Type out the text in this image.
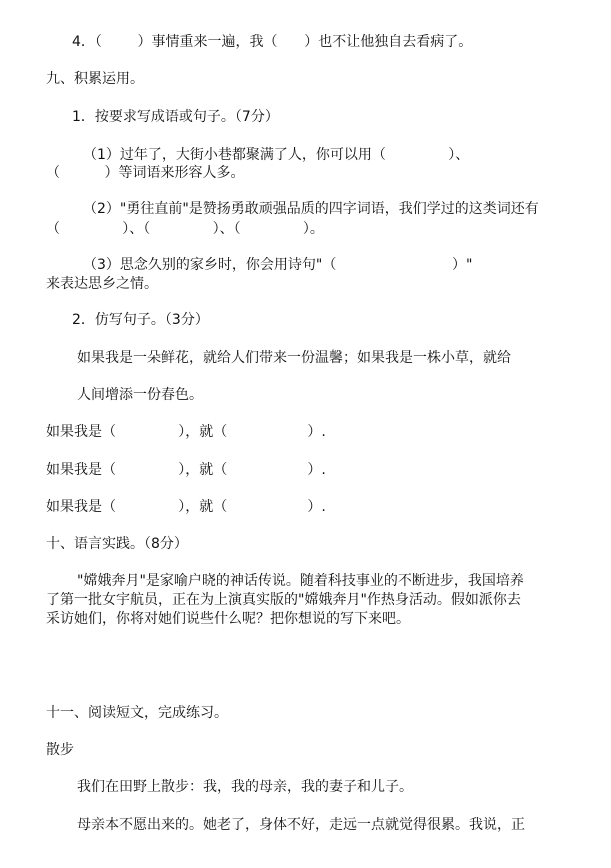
4．（        ）事情重来一遍，我（      ）也不让他独自去看病了。
九、积累运用。
1．按要求写成语或句子。（7分）
（1）过年了，大街小巷都聚满了人，你可以用（              ）、
（          ）等词语来形容人多。
（2）"勇往直前"是赞扬勇敢顽强品质的四字词语，我们学过的这类词还有
（              ）、（              ）、（              ）。
（3）思念久别的家乡时，你会用诗句"（                          ）"
来表达思乡之情。
2．仿写句子。（3分）
如果我是一朵鲜花，就给人们带来一份温馨；如果我是一株小草，就给
人间增添一份春色。
如果我是（              ），就（                  ）.
如果我是（              ），就（                  ）.
如果我是（              ），就（                  ）.
十、语言实践。（8分）
"嫦娥奔月"是家喻户晓的神话传说。随着科技事业的不断进步，我国培养
了第一批女宇航员，正在为上演真实版的"嫦娥奔月"作热身活动。假如派你去
采访她们，你将对她们说些什么呢？把你想说的写下来吧。
十一、阅读短文，完成练习。
散步
我们在田野上散步：我，我的母亲，我的妻子和儿子。
母亲本不愿出来的。她老了，身体不好，走远一点就觉得很累。我说，正
